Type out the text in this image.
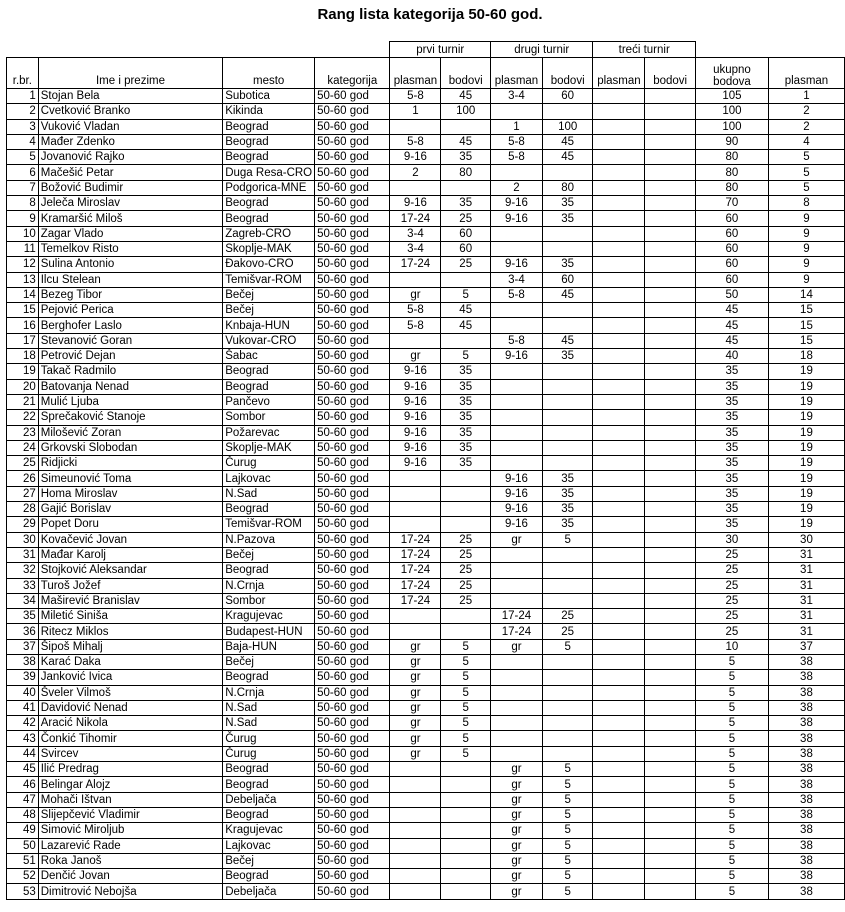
Rang lista kategorija 50-60 god.
				prvi turnir		drugi turnir		treći turnir			
r.br.	Ime i prezime	mesto	kategorija	plasman	bodovi	plasman	bodovi	plasman	bodovi	ukupno
bodova	plasman
1	Stojan Bela	Subotica	50-60 god	5-8	45	3-4	60			105	1
2	Cvetković Branko	Kikinda	50-60 god	1	100					100	2
3	Vuković Vladan	Beograd	50-60 god			1	100			100	2
4	Mađer Zdenko	Beograd	50-60 god	5-8	45	5-8	45			90	4
5	Jovanović Rajko	Beograd	50-60 god	9-16	35	5-8	45			80	5
6	Mačešić Petar	Duga Resa-CRO	50-60 god	2	80					80	5
7	Božović Budimir	Podgorica-MNE	50-60 god			2	80			80	5
8	Jeleča Miroslav	Beograd	50-60 god	9-16	35	9-16	35			70	8
9	Kramaršić Miloš	Beograd	50-60 god	17-24	25	9-16	35			60	9
10	Zagar Vlado	Zagreb-CRO	50-60 god	3-4	60					60	9
11	Temelkov Risto	Skoplje-MAK	50-60 god	3-4	60					60	9
12	Sulina Antonio	Đakovo-CRO	50-60 god	17-24	25	9-16	35			60	9
13	Ilcu Stelean	Temišvar-ROM	50-60 god			3-4	60			60	9
14	Bezeg Tibor	Bečej	50-60 god	gr	5	5-8	45			50	14
15	Pejović Perica	Bečej	50-60 god	5-8	45					45	15
16	Berghofer Laslo	Knbaja-HUN	50-60 god	5-8	45					45	15
17	Stevanović Goran	Vukovar-CRO	50-60 god			5-8	45			45	15
18	Petrović Dejan	Šabac	50-60 god	gr	5	9-16	35			40	18
19	Takač Radmilo	Beograd	50-60 god	9-16	35					35	19
20	Batovanja Nenad	Beograd	50-60 god	9-16	35					35	19
21	Mulić Ljuba	Pančevo	50-60 god	9-16	35					35	19
22	Sprečaković Stanoje	Sombor	50-60 god	9-16	35					35	19
23	Milošević Zoran	Požarevac	50-60 god	9-16	35					35	19
24	Grkovski Slobodan	Skoplje-MAK	50-60 god	9-16	35					35	19
25	Ridjicki	Čurug	50-60 god	9-16	35					35	19
26	Simeunović Toma	Lajkovac	50-60 god			9-16	35			35	19
27	Homa Miroslav	N.Sad	50-60 god			9-16	35			35	19
28	Gajić Borislav	Beograd	50-60 god			9-16	35			35	19
29	Popet Doru	Temišvar-ROM	50-60 god			9-16	35			35	19
30	Kovačević Jovan	N.Pazova	50-60 god	17-24	25	gr	5			30	30
31	Mađar Karolj	Bečej	50-60 god	17-24	25					25	31
32	Stojković Aleksandar	Beograd	50-60 god	17-24	25					25	31
33	Turoš Jožef	N.Crnja	50-60 god	17-24	25					25	31
34	Maširević Branislav	Sombor	50-60 god	17-24	25					25	31
35	Miletić Siniša	Kragujevac	50-60 god			17-24	25			25	31
36	Ritecz Miklos	Budapest-HUN	50-60 god			17-24	25			25	31
37	Šipoš Mihalj	Baja-HUN	50-60 god	gr	5	gr	5			10	37
38	Karać Daka	Bečej	50-60 god	gr	5					5	38
39	Janković Ivica	Beograd	50-60 god	gr	5					5	38
40	Šveler Vilmoš	N.Crnja	50-60 god	gr	5					5	38
41	Davidović Nenad	N.Sad	50-60 god	gr	5					5	38
42	Aracić Nikola	N.Sad	50-60 god	gr	5					5	38
43	Čonkić Tihomir	Čurug	50-60 god	gr	5					5	38
44	Svircev	Čurug	50-60 god	gr	5					5	38
45	Ilić Predrag	Beograd	50-60 god			gr	5			5	38
46	Belingar Alojz	Beograd	50-60 god			gr	5			5	38
47	Mohači Ištvan	Debeljača	50-60 god			gr	5			5	38
48	Slijepčević Vladimir	Beograd	50-60 god			gr	5			5	38
49	Simović Miroljub	Kragujevac	50-60 god			gr	5			5	38
50	Lazarević Rade	Lajkovac	50-60 god			gr	5			5	38
51	Roka Janoš	Bečej	50-60 god			gr	5			5	38
52	Denčić Jovan	Beograd	50-60 god			gr	5			5	38
53	Dimitrović Nebojša	Debeljača	50-60 god			gr	5			5	38
